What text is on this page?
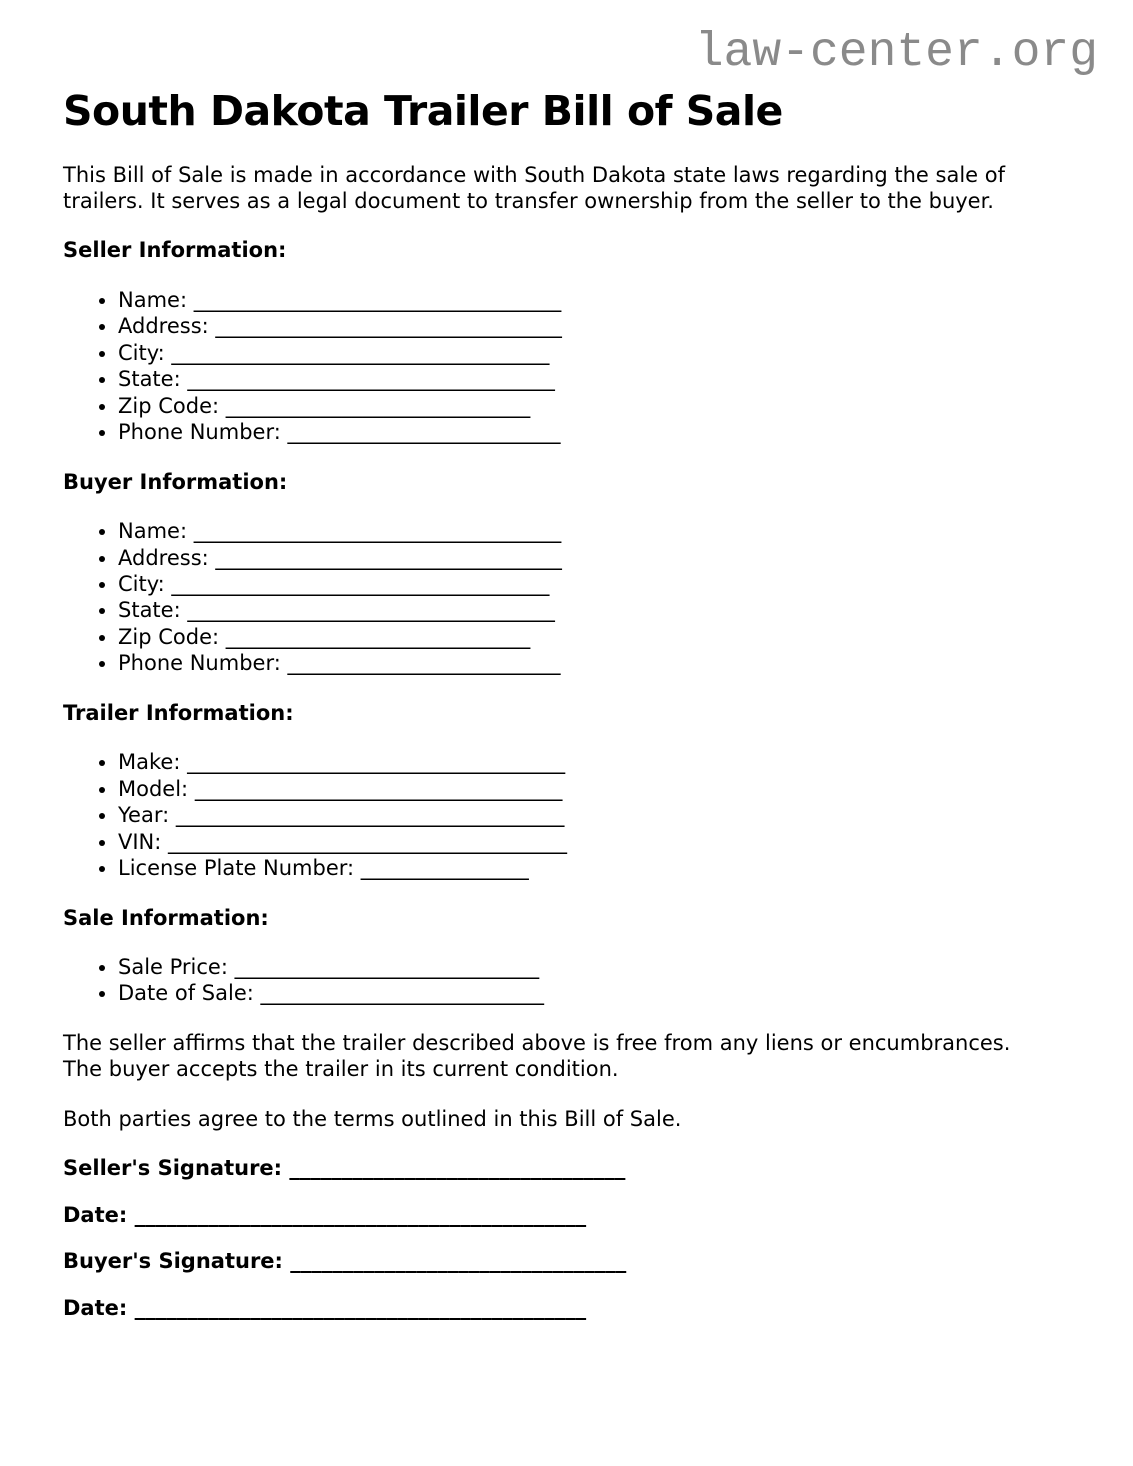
law-center.org

South Dakota Trailer Bill of Sale

This Bill of Sale is made in accordance with South Dakota state laws regarding the sale of
trailers. It serves as a legal document to transfer ownership from the seller to the buyer.

Seller Information:

• Name: ___________________________________
• Address: _________________________________
• City: ____________________________________
• State: ___________________________________
• Zip Code: _____________________________
• Phone Number: __________________________

Buyer Information:

• Name: ___________________________________
• Address: _________________________________
• City: ____________________________________
• State: ___________________________________
• Zip Code: _____________________________
• Phone Number: __________________________

Trailer Information:

• Make: ____________________________________
• Model: ___________________________________
• Year: _____________________________________
• VIN: ______________________________________
• License Plate Number: ________________

Sale Information:

• Sale Price: _____________________________
• Date of Sale: ___________________________

The seller affirms that the trailer described above is free from any liens or encumbrances.
The buyer accepts the trailer in its current condition.

Both parties agree to the terms outlined in this Bill of Sale.

Seller's Signature: ________________________________

Date: ___________________________________________

Buyer's Signature: ________________________________

Date: ___________________________________________
